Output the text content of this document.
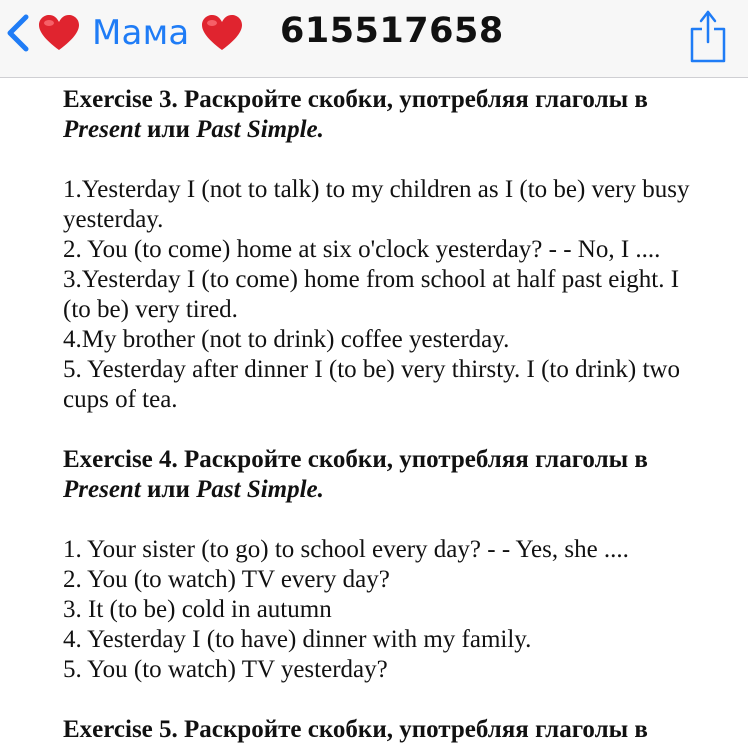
Мама	615517658

Exercise 3. Раскройте скобки, употребляя глаголы в
Present или Past Simple.

1.Yesterday I (not to talk) to my children as I (to be) very busy

yesterday.

2. You (to come) home at six o'clock yesterday? - - No, I ....

3.Yesterday I (to come) home from school at half past eight. I

(to be) very tired.

4.My brother (not to drink) coffee yesterday.

5. Yesterday after dinner I (to be) very thirsty. I (to drink) two

cups of tea.

Exercise 4. Раскройте скобки, употребляя глаголы в
Present или Past Simple.

1. Your sister (to go) to school every day? - - Yes, she ....

2. You (to watch) TV every day?

3. It (to be) cold in autumn

4. Yesterday I (to have) dinner with my family.

5. You (to watch) TV yesterday?

Exercise 5. Раскройте скобки, употребляя глаголы в
